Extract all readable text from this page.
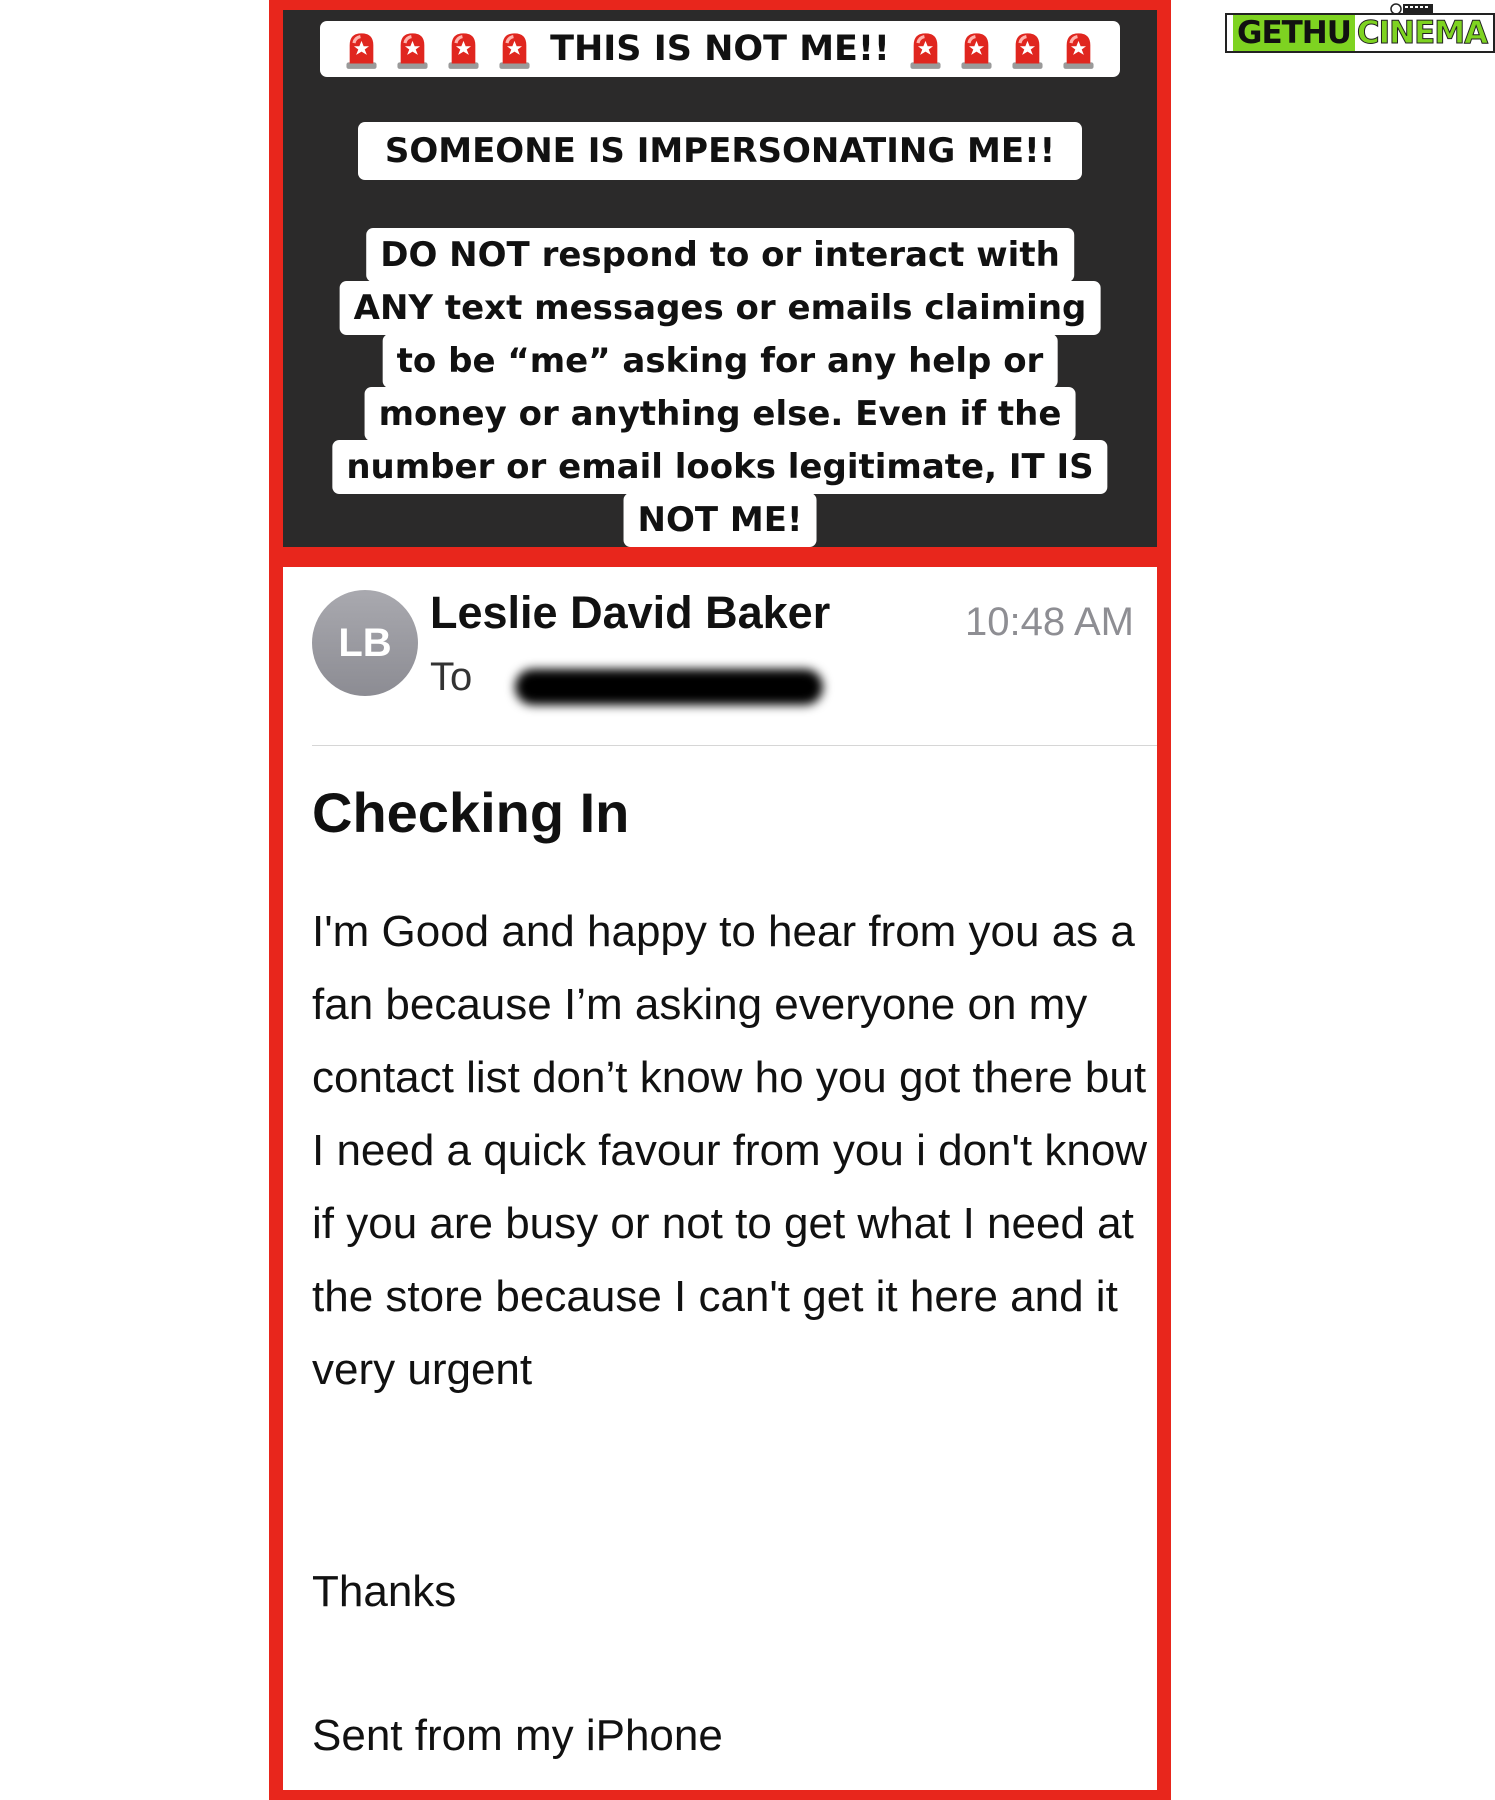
THIS IS NOT ME!!
SOMEONE IS IMPERSONATING ME!!
DO NOT respond to or interact with
ANY text messages or emails claiming
to be “me” asking for any help or
money or anything else. Even if the
number or email looks legitimate, IT IS
NOT ME!
LB
Leslie David Baker	10:48 AM
To
Checking In
I'm Good and happy to hear from you as a fan because I’m asking everyone on my contact list don’t know ho you got there but I need a quick favour from you i don't know if you are busy or not to get what I need at the store because I can't get it here and it very urgent
Thanks
Sent from my iPhone
GETHU CINEMA
